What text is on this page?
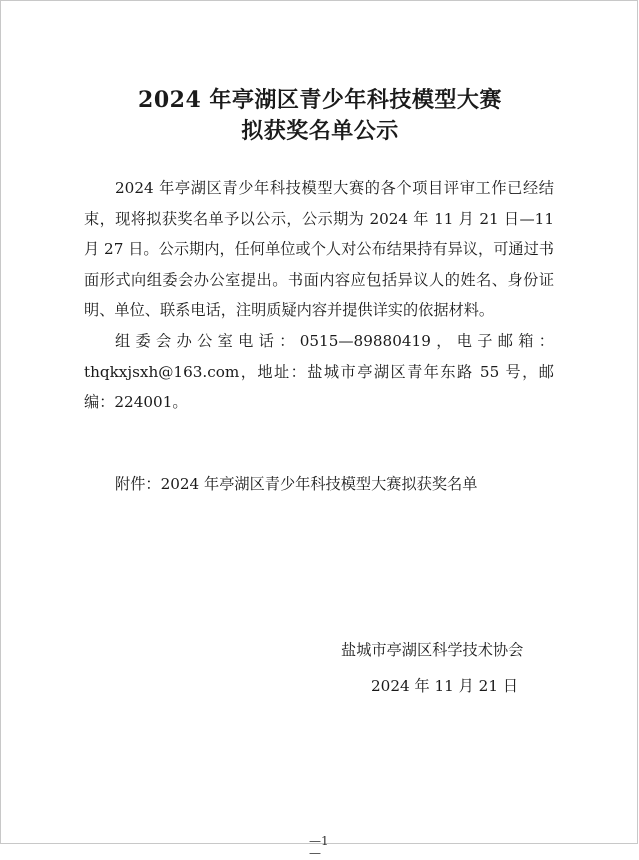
2024 年亭湖区青少年科技模型大赛
拟获奖名单公示

2024 年亭湖区青少年科技模型大赛的各个项目评审工作已经结束，现将拟获奖名单予以公示，公示期为 2024 年 11 月 21 日—11 月 27 日。公示期内，任何单位或个人对公布结果持有异议，可通过书面形式向组委会办公室提出。书面内容应包括异议人的姓名、身份证明、单位、联系电话，注明质疑内容并提供详实的依据材料。

组委会办公室电话：0515—89880419，电子邮箱：thqkxjsxh@163.com，地址：盐城市亭湖区青年东路 55 号，邮编：224001。

附件：2024 年亭湖区青少年科技模型大赛拟获奖名单
盐城市亭湖区科学技术协会
2024 年 11 月 21 日
—1—
